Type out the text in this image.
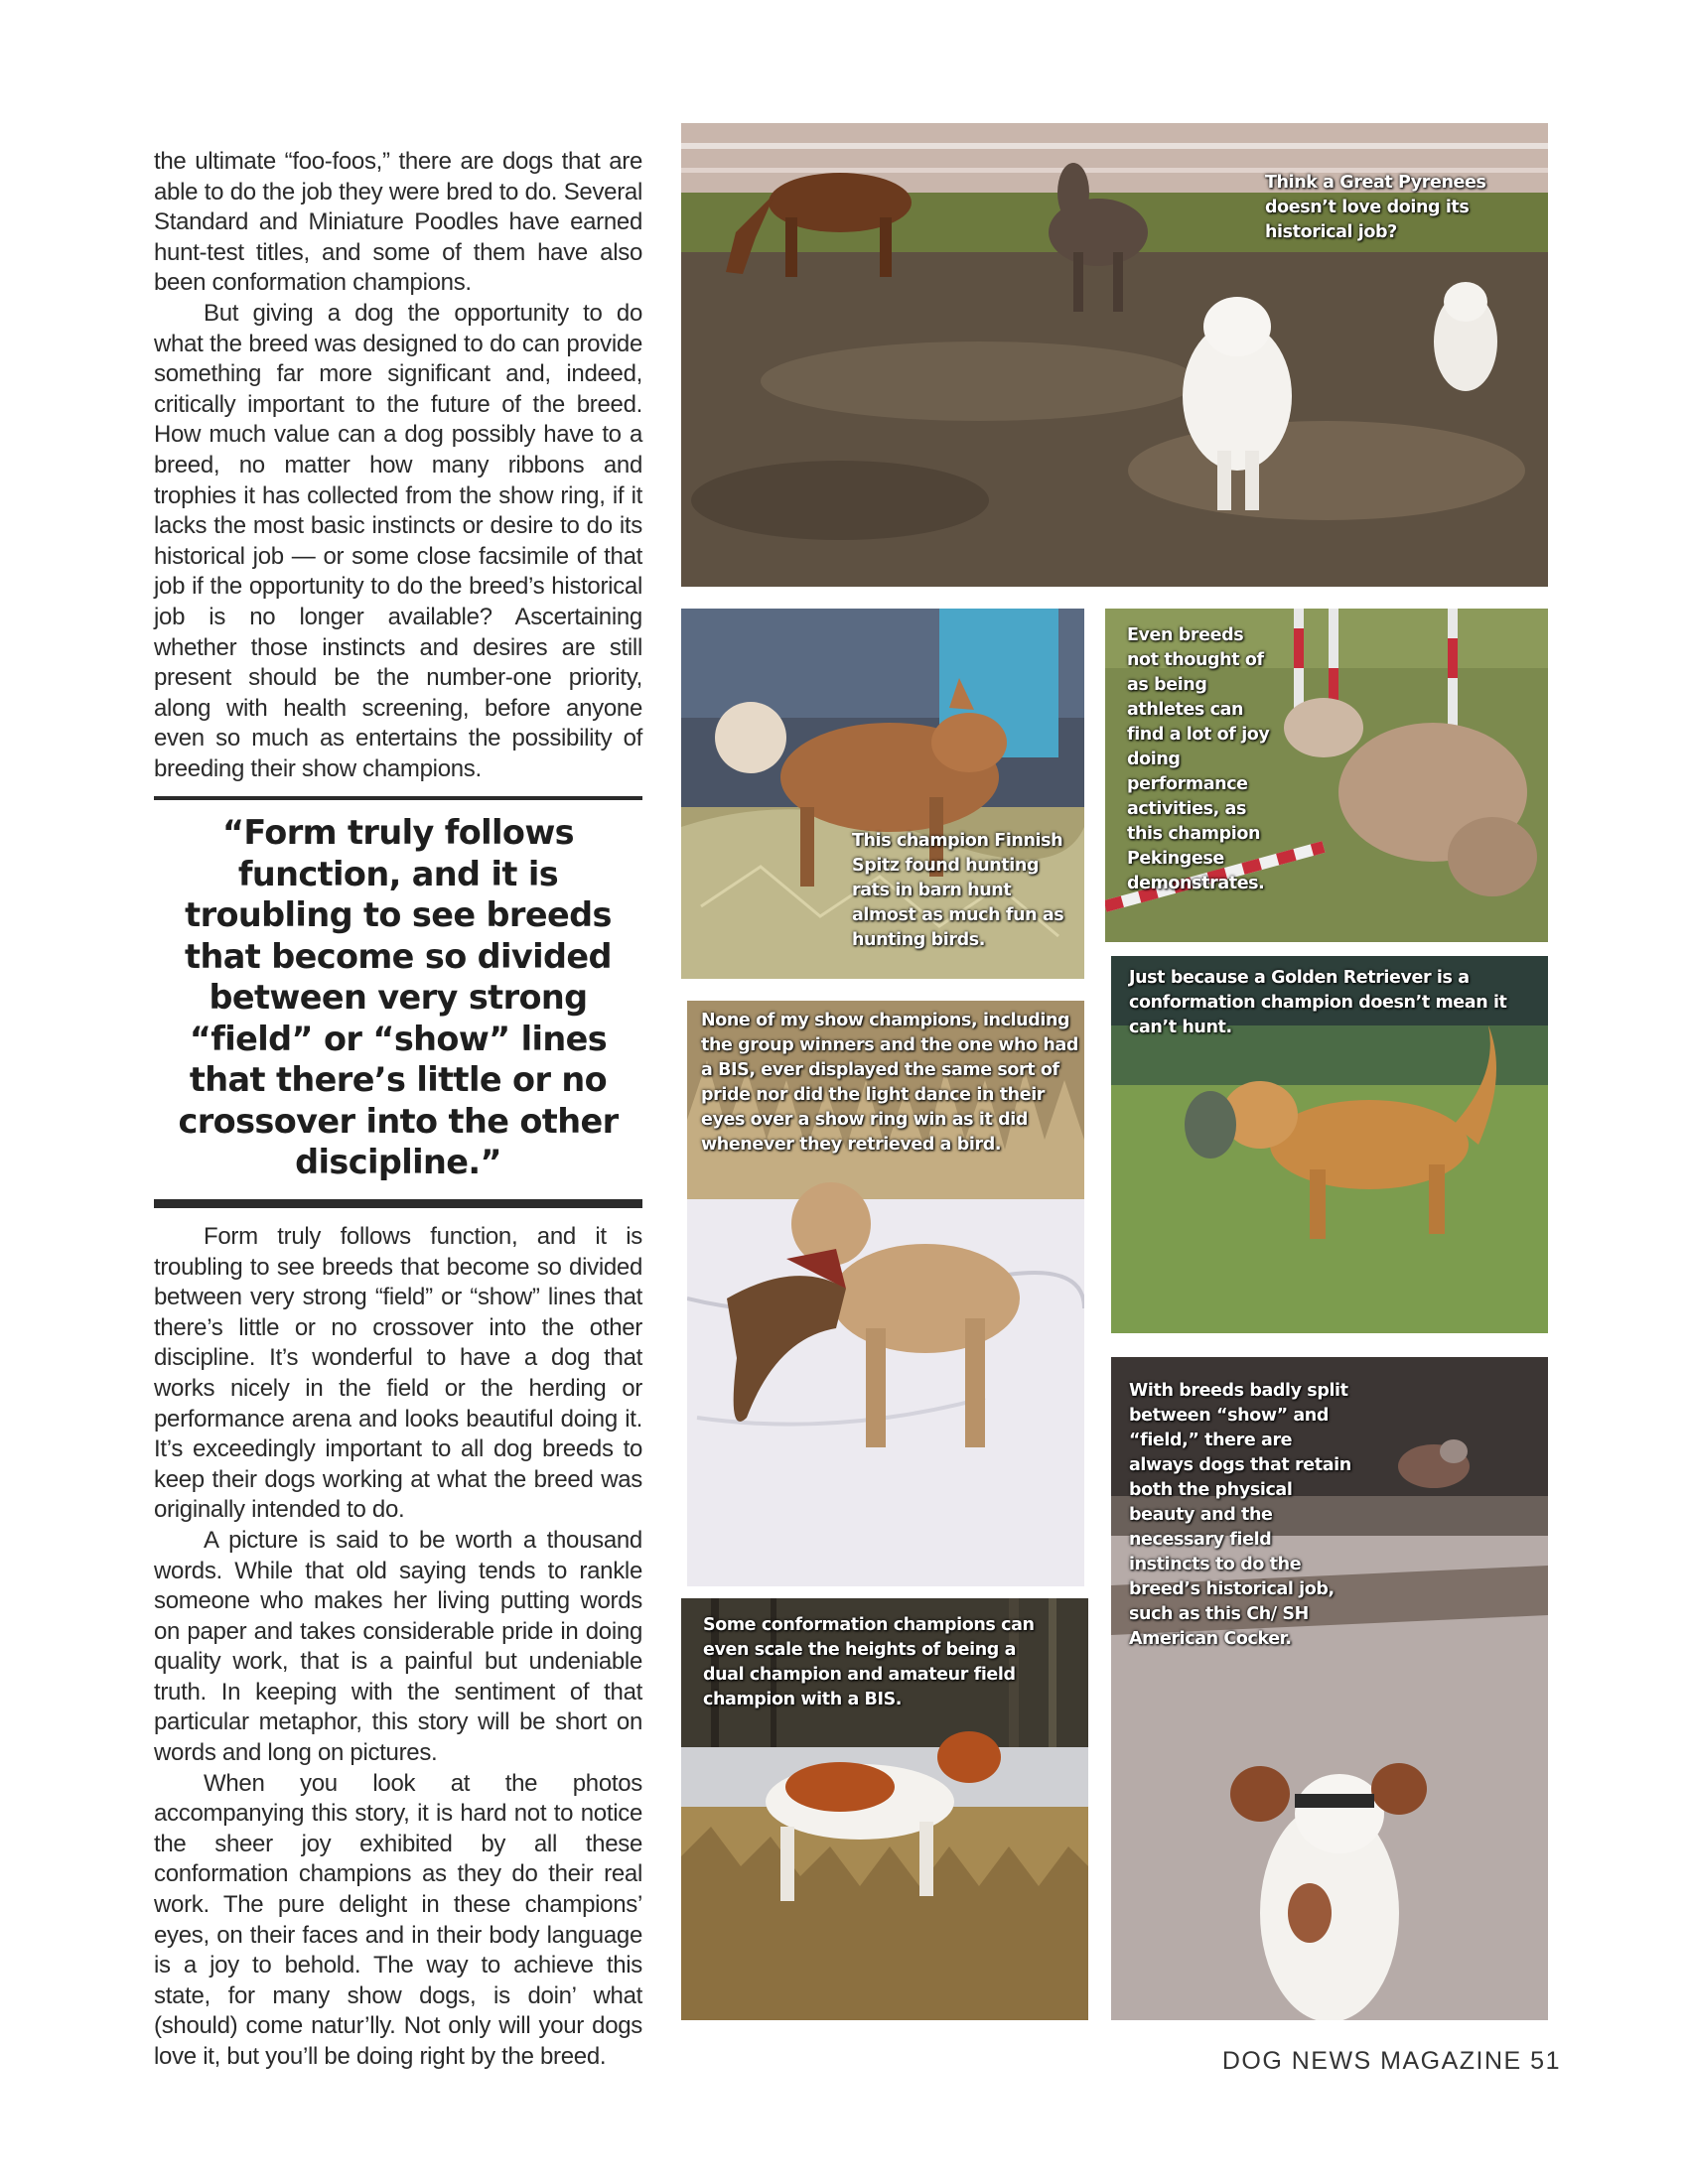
the ultimate “foo-foos,” there are dogs that are able to do the job they were bred to do. Several Standard and Miniature Poodles have earned hunt-test titles, and some of them have also been conformation champions.

But giving a dog the opportunity to do what the breed was designed to do can provide something far more significant and, indeed, critically important to the future of the breed. How much value can a dog possibly have to a breed, no matter how many ribbons and trophies it has collected from the show ring, if it lacks the most basic instincts or desire to do its historical job — or some close facsimile of that job if the opportunity to do the breed’s historical job is no longer available? Ascertaining whether those instincts and desires are still present should be the number-one priority, along with health screening, before anyone even so much as entertains the possibility of breeding their show champions.

“Form truly follows function, and it is troubling to see breeds that become so divided between very strong “field” or “show” lines that there’s little or no crossover into the other discipline.”

Form truly follows function, and it is troubling to see breeds that become so divided between very strong “field” or “show” lines that there’s little or no crossover into the other discipline. It’s wonderful to have a dog that works nicely in the field or the herding or performance arena and looks beautiful doing it. It’s exceedingly important to all dog breeds to keep their dogs working at what the breed was originally intended to do.

A picture is said to be worth a thousand words. While that old saying tends to rankle someone who makes her living putting words on paper and takes considerable pride in doing quality work, that is a painful but undeniable truth. In keeping with the sentiment of that particular metaphor, this story will be short on words and long on pictures.

When you look at the photos accompanying this story, it is hard not to notice the sheer joy exhibited by all these conformation champions as they do their real work. The pure delight in these champions’ eyes, on their faces and in their body language is a joy to behold. The way to achieve this state, for many show dogs, is doin’ what (should) come natur’lly. Not only will your dogs love it, but you’ll be doing right by the breed.

Think a Great Pyrenees doesn’t love doing its historical job?
This champion Finnish Spitz found hunting rats in barn hunt almost as much fun as hunting birds.
Even breeds not thought of as being athletes can find a lot of joy doing performance activities, as this champion Pekingese demonstrates.
None of my show champions, including the group winners and the one who had a BIS, ever displayed the same sort of pride nor did the light dance in their eyes over a show ring win as it did whenever they retrieved a bird.
Just because a Golden Retriever is a conformation champion doesn’t mean it can’t hunt.
Some conformation champions can even scale the heights of being a dual champion and amateur field champion with a BIS.
With breeds badly split between “show” and “field,” there are always dogs that retain both the physical beauty and the necessary field instincts to do the breed’s historical job, such as this Ch/ SH American Cocker.
DOG NEWS MAGAZINE 51
